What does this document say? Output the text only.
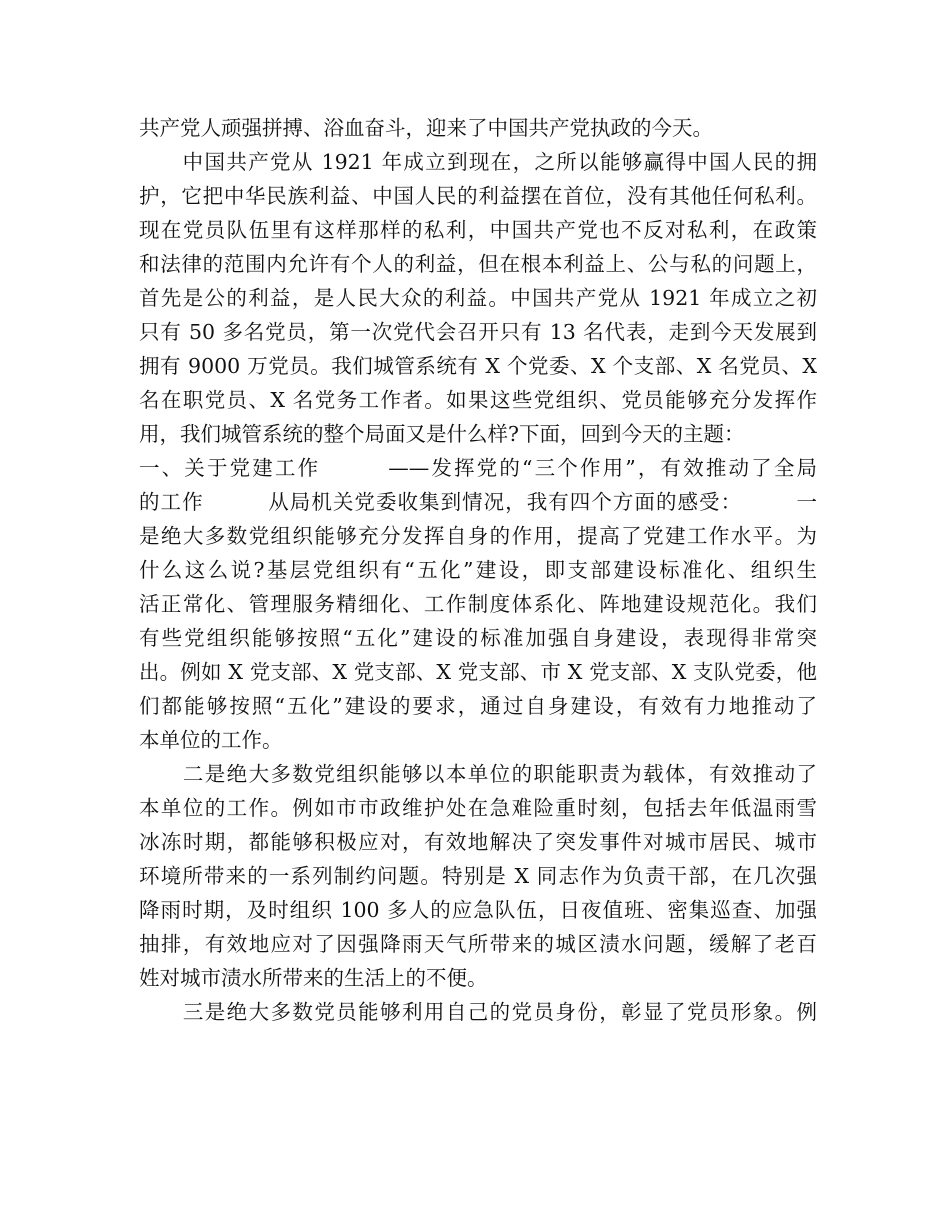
共产党人顽强拼搏、浴血奋斗，迎来了中国共产党执政的今天。
　　中国共产党从 1921 年成立到现在，之所以能够赢得中国人民的拥
护，它把中华民族利益、中国人民的利益摆在首位，没有其他任何私利。
现在党员队伍里有这样那样的私利，中国共产党也不反对私利，在政策
和法律的范围内允许有个人的利益，但在根本利益上、公与私的问题上，
首先是公的利益，是人民大众的利益。中国共产党从 1921 年成立之初
只有 50 多名党员，第一次党代会召开只有 13 名代表，走到今天发展到
拥有 9000 万党员。我们城管系统有 X 个党委、X 个支部、X 名党员、X
名在职党员、X 名党务工作者。如果这些党组织、党员能够充分发挥作
用，我们城管系统的整个局面又是什么样?下面，回到今天的主题：
一、关于党建工作　　　——发挥党的“三个作用”，有效推动了全局
的工作　　　从局机关党委收集到情况，我有四个方面的感受：　　　一
是绝大多数党组织能够充分发挥自身的作用，提高了党建工作水平。为
什么这么说?基层党组织有“五化”建设，即支部建设标准化、组织生
活正常化、管理服务精细化、工作制度体系化、阵地建设规范化。我们
有些党组织能够按照“五化”建设的标准加强自身建设，表现得非常突
出。例如 X 党支部、X 党支部、X 党支部、市 X 党支部、X 支队党委，他
们都能够按照“五化”建设的要求，通过自身建设，有效有力地推动了
本单位的工作。
　　二是绝大多数党组织能够以本单位的职能职责为载体，有效推动了
本单位的工作。例如市市政维护处在急难险重时刻，包括去年低温雨雪
冰冻时期，都能够积极应对，有效地解决了突发事件对城市居民、城市
环境所带来的一系列制约问题。特别是 X 同志作为负责干部，在几次强
降雨时期，及时组织 100 多人的应急队伍，日夜值班、密集巡查、加强
抽排，有效地应对了因强降雨天气所带来的城区渍水问题，缓解了老百
姓对城市渍水所带来的生活上的不便。
　　三是绝大多数党员能够利用自己的党员身份，彰显了党员形象。例
